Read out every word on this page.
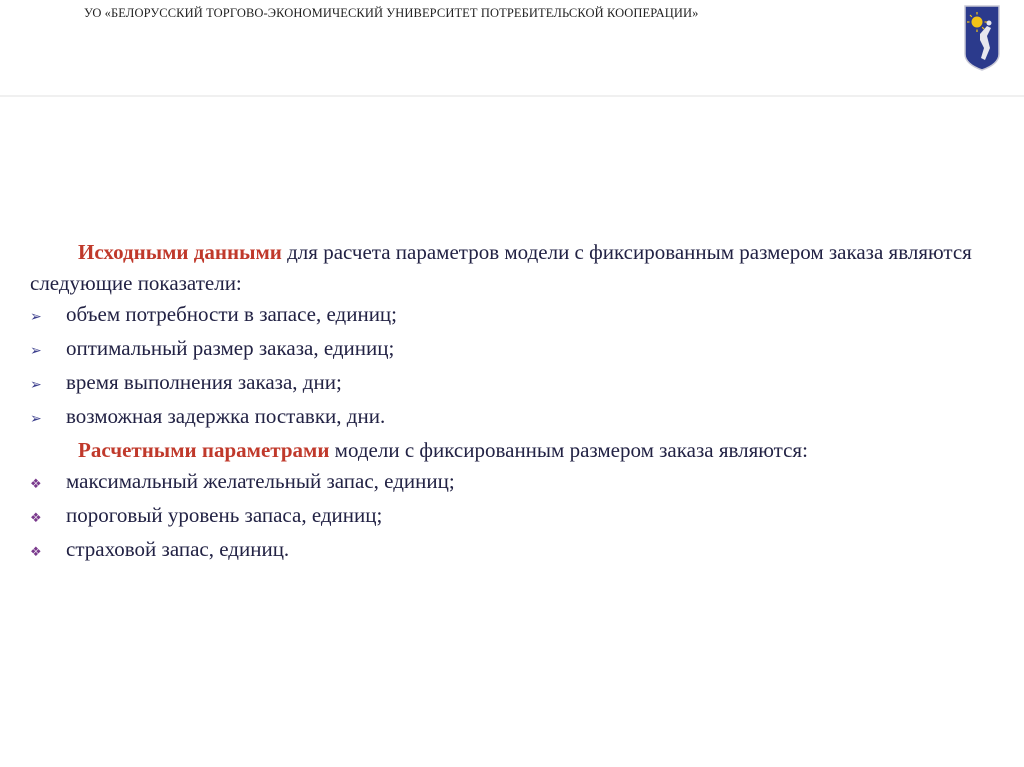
УО «БЕЛОРУССКИЙ ТОРГОВО-ЭКОНОМИЧЕСКИЙ УНИВЕРСИТЕТ ПОТРЕБИТЕЛЬСКОЙ КООПЕРАЦИИ»

Исходными данными для расчета параметров модели с фиксированным размером заказа являются следующие показатели:

➢	объем потребности в запасе, единиц;
➢	оптимальный размер заказа, единиц;
➢	время выполнения заказа, дни;
➢	возможная задержка поставки, дни.

Расчетными параметрами модели с фиксированным размером заказа являются:

❖	максимальный желательный запас, единиц;
❖	пороговый уровень запаса, единиц;
❖	страховой запас, единиц.
